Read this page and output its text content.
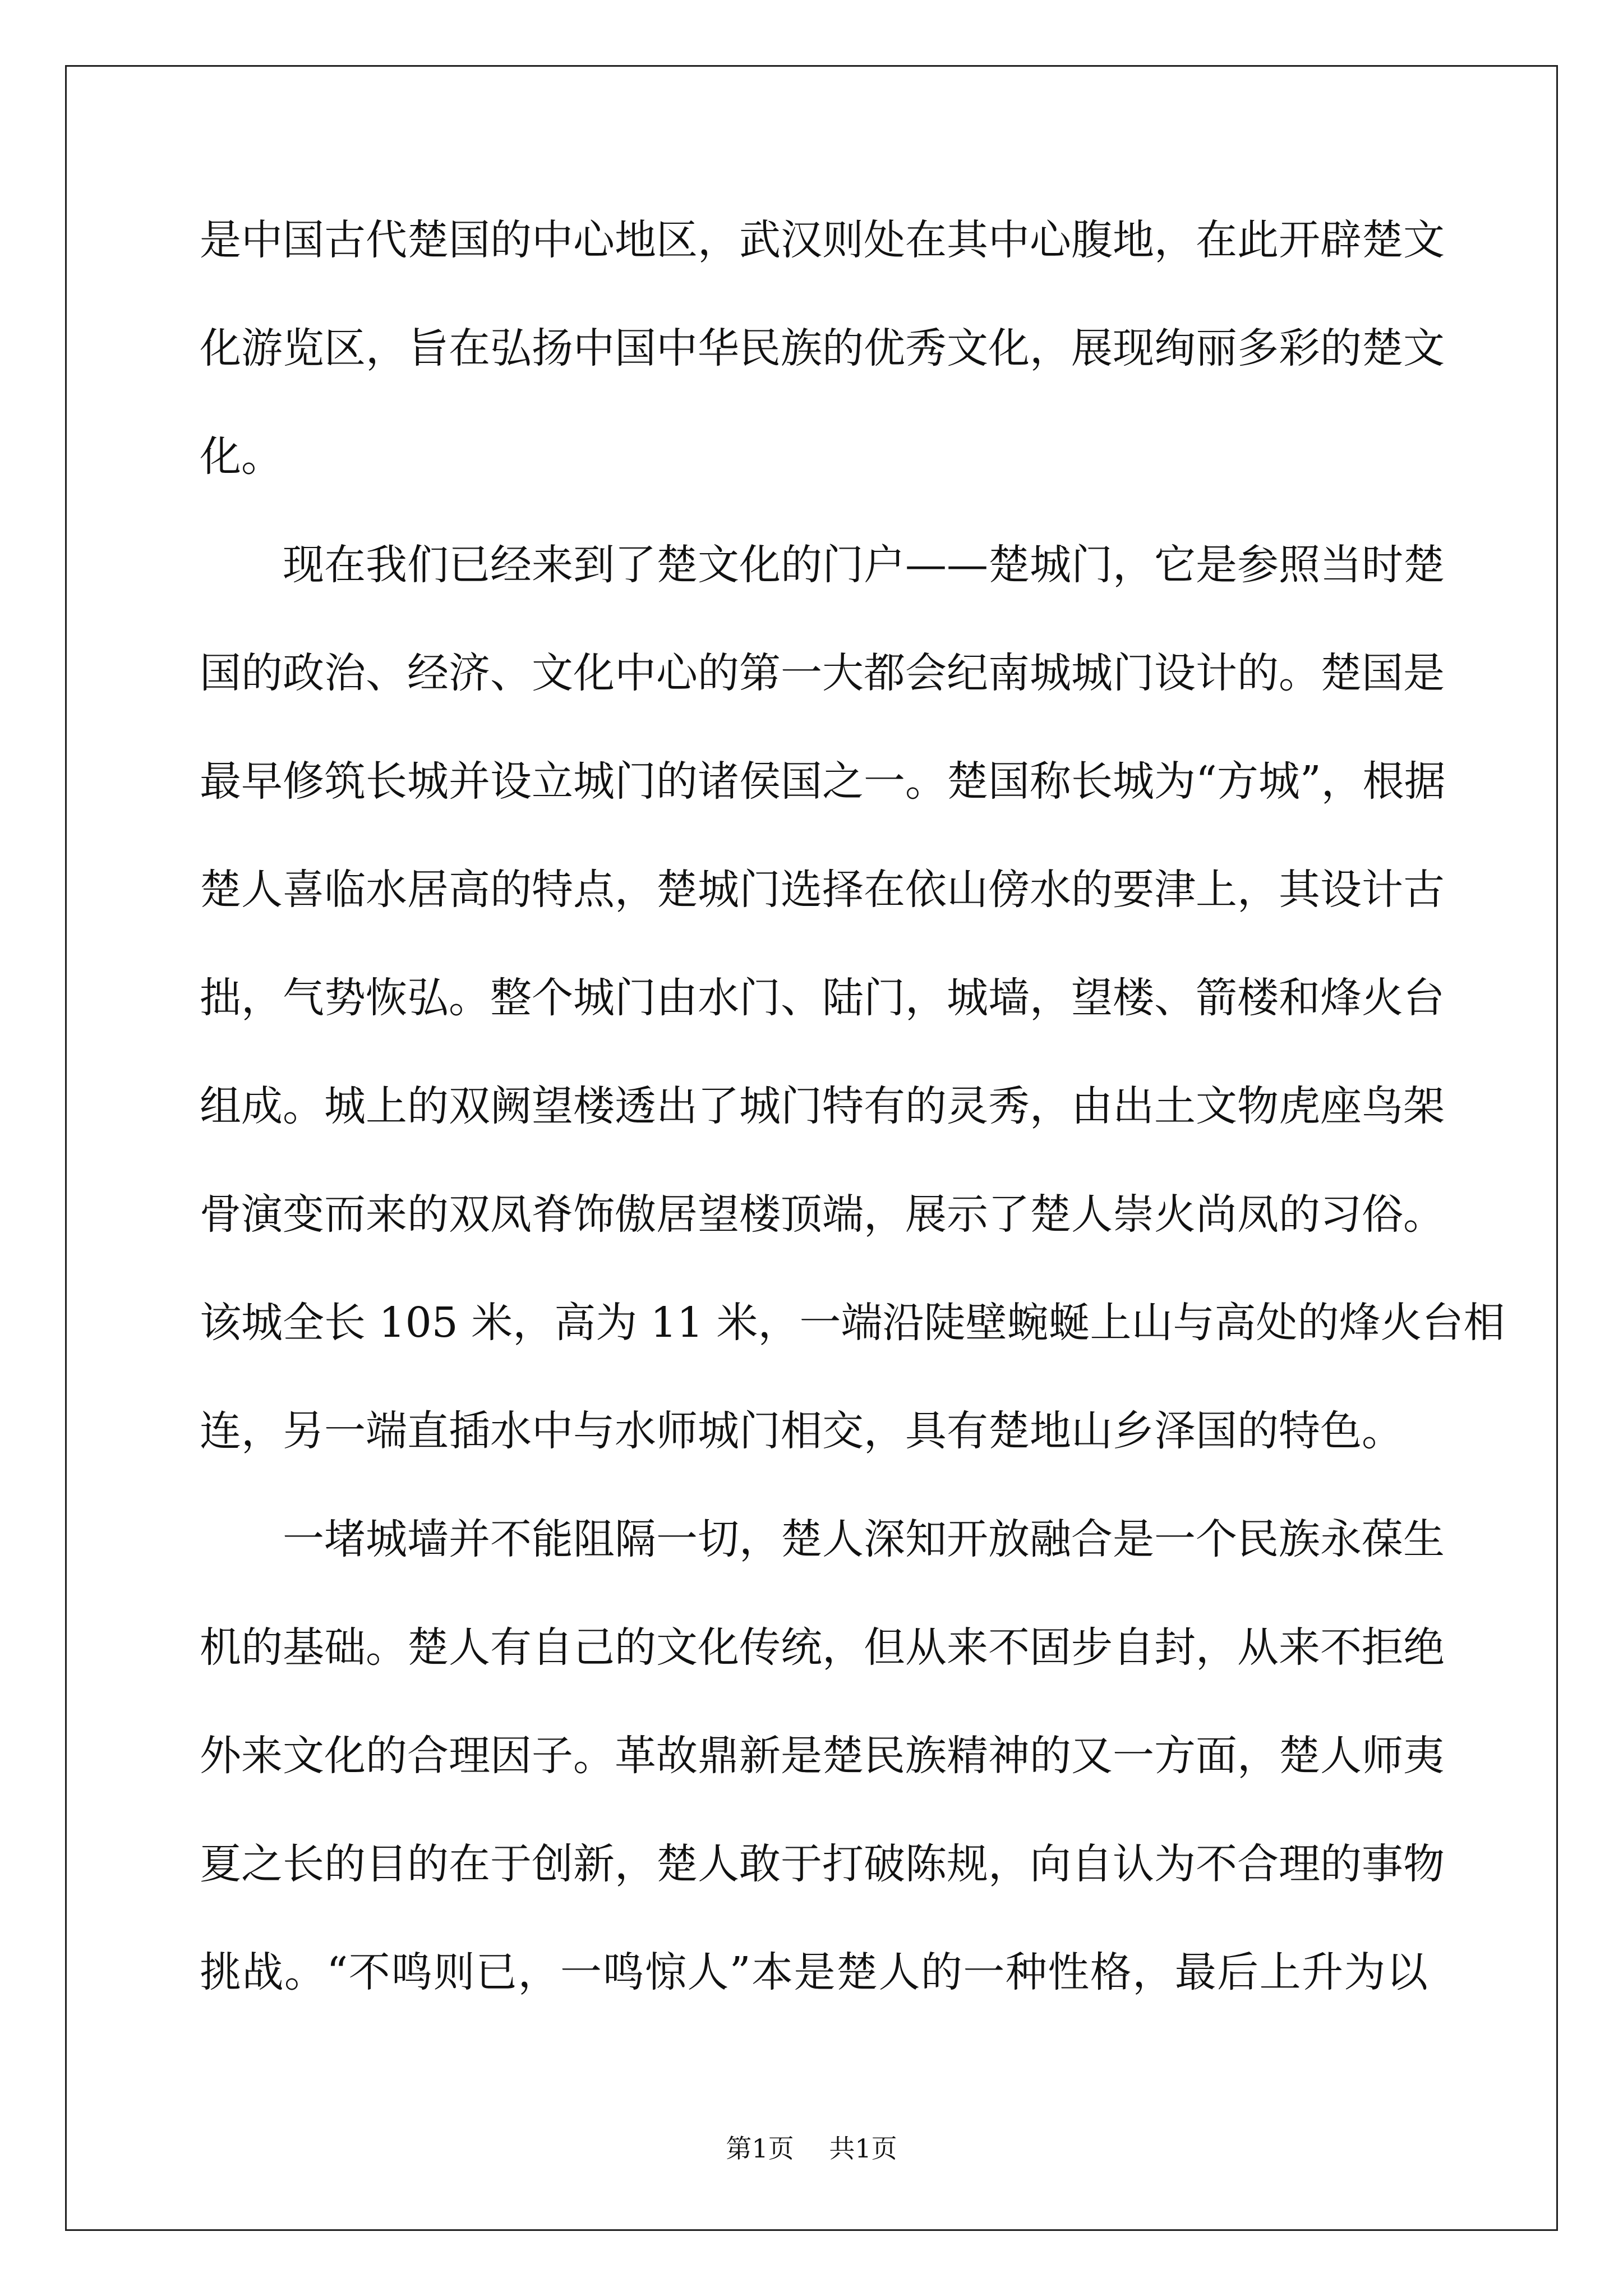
是中国古代楚国的中心地区，武汉则处在其中心腹地，在此开辟楚文
化游览区，旨在弘扬中国中华民族的优秀文化，展现绚丽多彩的楚文
化。
现在我们已经来到了楚文化的门户——楚城门，它是参照当时楚
国的政治、经济、文化中心的第一大都会纪南城城门设计的。楚国是
最早修筑长城并设立城门的诸侯国之一。楚国称长城为“方城”，根据
楚人喜临水居高的特点，楚城门选择在依山傍水的要津上，其设计古
拙，气势恢弘。整个城门由水门、陆门，城墙，望楼、箭楼和烽火台
组成。城上的双阙望楼透出了城门特有的灵秀，由出土文物虎座鸟架
骨演变而来的双凤脊饰傲居望楼顶端，展示了楚人崇火尚凤的习俗。
该城全长 105 米，高为 11 米，一端沿陡壁蜿蜒上山与高处的烽火台相
连，另一端直插水中与水师城门相交，具有楚地山乡泽国的特色。
一堵城墙并不能阻隔一切，楚人深知开放融合是一个民族永葆生
机的基础。楚人有自己的文化传统，但从来不固步自封，从来不拒绝
外来文化的合理因子。革故鼎新是楚民族精神的又一方面，楚人师夷
夏之长的目的在于创新，楚人敢于打破陈规，向自认为不合理的事物
挑战。“不鸣则已，一鸣惊人”本是楚人的一种性格，最后上升为以
第1页 共1页
